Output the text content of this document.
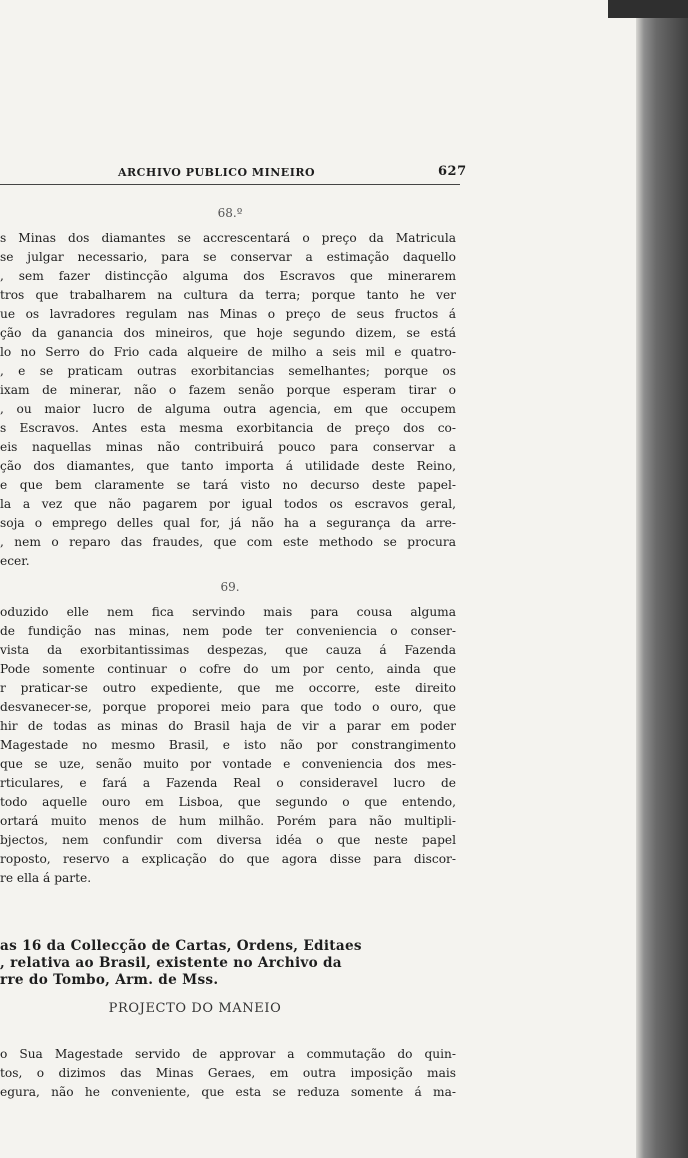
ARCHIVO PUBLICO MINEIRO	627
68.º
s Minas dos diamantes se accrescentará o preço da Matricula
se julgar necessario, para se conservar a estimação daquello
, sem fazer distincção alguma dos Escravos que minerarem
tros que trabalharem na cultura da terra; porque tanto he ver
ue os lavradores regulam nas Minas o preço de seus fructos á
ção da ganancia dos mineiros, que hoje segundo dizem, se está
lo no Serro do Frio cada alqueire de milho a seis mil e quatro-
, e se praticam outras exorbitancias semelhantes; porque os
ixam de minerar, não o fazem senão porque esperam tirar o
, ou maior lucro de alguma outra agencia, em que occupem
s Escravos. Antes esta mesma exorbitancia de preço dos co-
eis naquellas minas não contribuirá pouco para conservar a
ção dos diamantes, que tanto importa á utilidade deste Reino,
e que bem claramente se tará visto no decurso deste papel-
la a vez que não pagarem por igual todos os escravos geral,
soja o emprego delles qual for, já não ha a segurança da arre-
, nem o reparo das fraudes, que com este methodo se procura
ecer.
69.
oduzido elle nem fica servindo mais para cousa alguma
de fundição nas minas, nem pode ter conveniencia o conser-
vista da exorbitantissimas despezas, que cauza á Fazenda
Pode somente continuar o cofre do um por cento, ainda que
r praticar-se outro expediente, que me occorre, este direito
desvanecer-se, porque proporei meio para que todo o ouro, que
hir de todas as minas do Brasil haja de vir a parar em poder
Magestade no mesmo Brasil, e isto não por constrangimento
que se uze, senão muito por vontade e conveniencia dos mes-
rticulares, e fará a Fazenda Real o consideravel lucro de
todo aquelle ouro em Lisboa, que segundo o que entendo,
ortará muito menos de hum milhão. Porém para não multipli-
bjectos, nem confundir com diversa idéa o que neste papel
roposto, reservo a explicação do que agora disse para discor-
re ella á parte.
as 16 da Collecção de Cartas, Ordens, Editaes
, relativa ao Brasil, existente no Archivo da
rre do Tombo, Arm. de Mss.
PROJECTO DO MANEIO
o Sua Magestade servido de approvar a commutação do quin-
tos, o dizimos das Minas Geraes, em outra imposição mais
egura, não he conveniente, que esta se reduza somente á ma-
